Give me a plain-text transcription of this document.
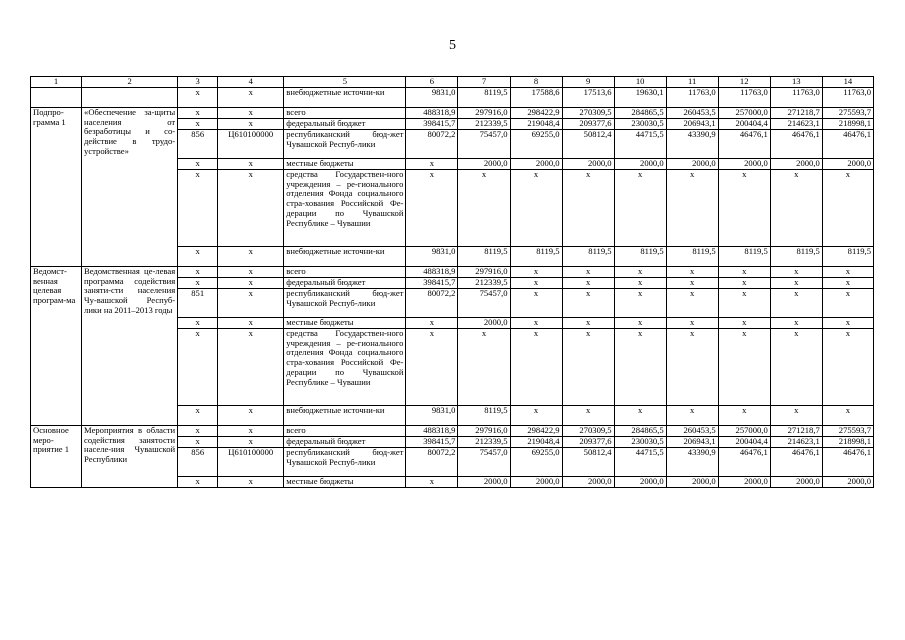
5
1	2	3	4	5	6	7	8	9	10	11	12	13	14
		х	х	внебюджетные источни-ки	9831,0	8119,5	17588,6	17513,6	19630,1	11763,0	11763,0	11763,0	11763,0
Подпро-грамма 1	«Обеспечение за-щиты населения от безработицы и со-действие в трудо-устройстве»	х	х	всего	488318,9	297916,0	298422,9	270309,5	284865,5	260453,5	257000,0	271218,7	275593,7
		х	х	федеральный бюджет	398415,7	212339,5	219048,4	209377,6	230030,5	206943,1	200404,4	214623,1	218998,1
		856	Ц610100000	республиканский бюд-жет Чувашской Респуб-лики	80072,2	75457,0	69255,0	50812,4	44715,5	43390,9	46476,1	46476,1	46476,1
		х	х	местные бюджеты	х	2000,0	2000,0	2000,0	2000,0	2000,0	2000,0	2000,0	2000,0
		х	х	средства Государствен-ного учреждения – ре-гионального отделения Фонда социального стра-хования Российской Фе-дерации по Чувашской Республике – Чувашии	х	х	х	х	х	х	х	х	х
		х	х	внебюджетные источни-ки	9831,0	8119,5	8119,5	8119,5	8119,5	8119,5	8119,5	8119,5	8119,5
Ведомст-венная целевая програм-ма	Ведомственная це-левая программа содействия заняти-сти населения Чу-вашской Респуб-лики на 2011–2013 годы	х	х	всего	488318,9	297916,0	х	х	х	х	х	х	х
		х	х	федеральный бюджет	398415,7	212339,5	х	х	х	х	х	х	х
		851	х	республиканский бюд-жет Чувашской Респуб-лики	80072,2	75457,0	х	х	х	х	х	х	х
		х	х	местные бюджеты	х	2000,0	х	х	х	х	х	х	х
		х	х	средства Государствен-ного учреждения – ре-гионального отделения Фонда социального стра-хования Российской Фе-дерации по Чувашской Республике – Чувашии	х	х	х	х	х	х	х	х	х
		х	х	внебюджетные источни-ки	9831,0	8119,5	х	х	х	х	х	х	х
Основное меро-приятие 1	Мероприятия в области содействия занятости населе-ния Чувашской Республики	х	х	всего	488318,9	297916,0	298422,9	270309,5	284865,5	260453,5	257000,0	271218,7	275593,7
		х	х	федеральный бюджет	398415,7	212339,5	219048,4	209377,6	230030,5	206943,1	200404,4	214623,1	218998,1
		856	Ц610100000	республиканский бюд-жет Чувашской Респуб-лики	80072,2	75457,0	69255,0	50812,4	44715,5	43390,9	46476,1	46476,1	46476,1
		х	х	местные бюджеты	х	2000,0	2000,0	2000,0	2000,0	2000,0	2000,0	2000,0	2000,0
